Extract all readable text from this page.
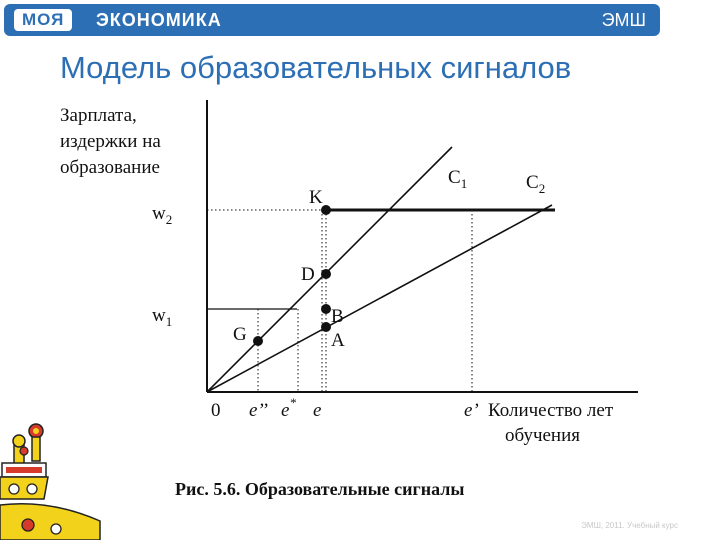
МОЯ	ЭКОНОМИКА	ЭМШ
Модель образовательных сигналов
Зарплата,
издержки на
образование
$w_2$
$w_1$
$C_1$	$C_2$
K
D
B
A
G
0 e’’ e* e	e’ Количество лет
обучения
Рис. 5.6. Образовательные сигналы
ЭМШ, 2011. Учебный курс
